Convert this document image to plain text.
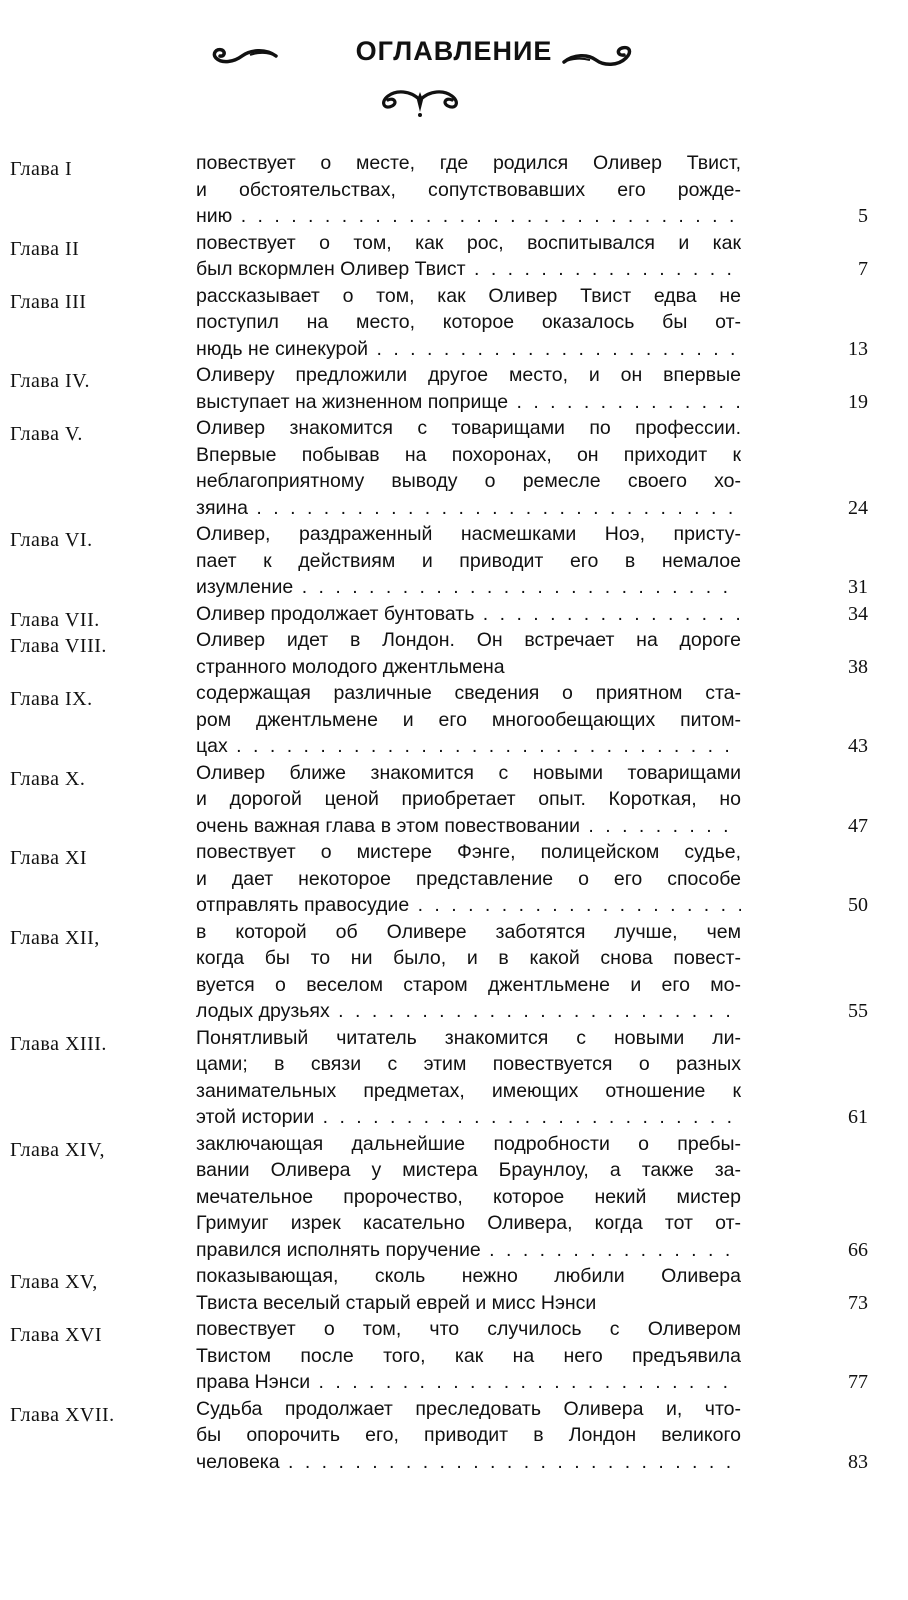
ОГЛАВЛЕНИЕ
Глава I	повествует о месте, где родился Оливер Твист,
и обстоятельствах, сопутствовавших его рожде-
нию . . .	5
Глава II	повествует о том, как рос, воспитывался и как
был вскормлен Оливер Твист . . .	7
Глава III	рассказывает о том, как Оливер Твист едва не
поступил на место, которое оказалось бы от-
нюдь не синекурой . . .	13
Глава IV.	Оливеру предложили другое место, и он впервые
выступает на жизненном поприще . . .	19
Глава V.	Оливер знакомится с товарищами по профессии.
Впервые побывав на похоронах, он приходит к
неблагоприятному выводу о ремесле своего хо-
зяина . . .	24
Глава VI.	Оливер, раздраженный насмешками Ноэ, присту-
пает к действиям и приводит его в немалое
изумление . . .	31
Глава VII.	Оливер продолжает бунтовать . . .	34
Глава VIII.	Оливер идет в Лондон. Он встречает на дороге
странного молодого джентльмена	38
Глава IX.	содержащая различные сведения о приятном ста-
ром джентльмене и его многообещающих питом-
цах . . .	43
Глава X.	Оливер ближе знакомится с новыми товарищами
и дорогой ценой приобретает опыт. Короткая, но
очень важная глава в этом повествовании . . .	47
Глава XI	повествует о мистере Фэнге, полицейском судье,
и дает некоторое представление о его способе
отправлять правосудие . . .	50
Глава XII,	в которой об Оливере заботятся лучше, чем
когда бы то ни было, и в какой снова повест-
вуется о веселом старом джентльмене и его мо-
лодых друзьях . . .	55
Глава XIII.	Понятливый читатель знакомится с новыми ли-
цами; в связи с этим повествуется о разных
занимательных предметах, имеющих отношение к
этой истории . . .	61
Глава XIV,	заключающая дальнейшие подробности о пребы-
вании Оливера у мистера Браунлоу, а также за-
мечательное пророчество, которое некий мистер
Гримуиг изрек касательно Оливера, когда тот от-
правился исполнять поручение . . .	66
Глава XV,	показывающая, сколь нежно любили Оливера
Твиста веселый старый еврей и мисс Нэнси	73
Глава XVI	повествует о том, что случилось с Оливером
Твистом после того, как на него предъявила
права Нэнси . . .	77
Глава XVII.	Судьба продолжает преследовать Оливера и, что-
бы опорочить его, приводит в Лондон великого
человека . . .	83
